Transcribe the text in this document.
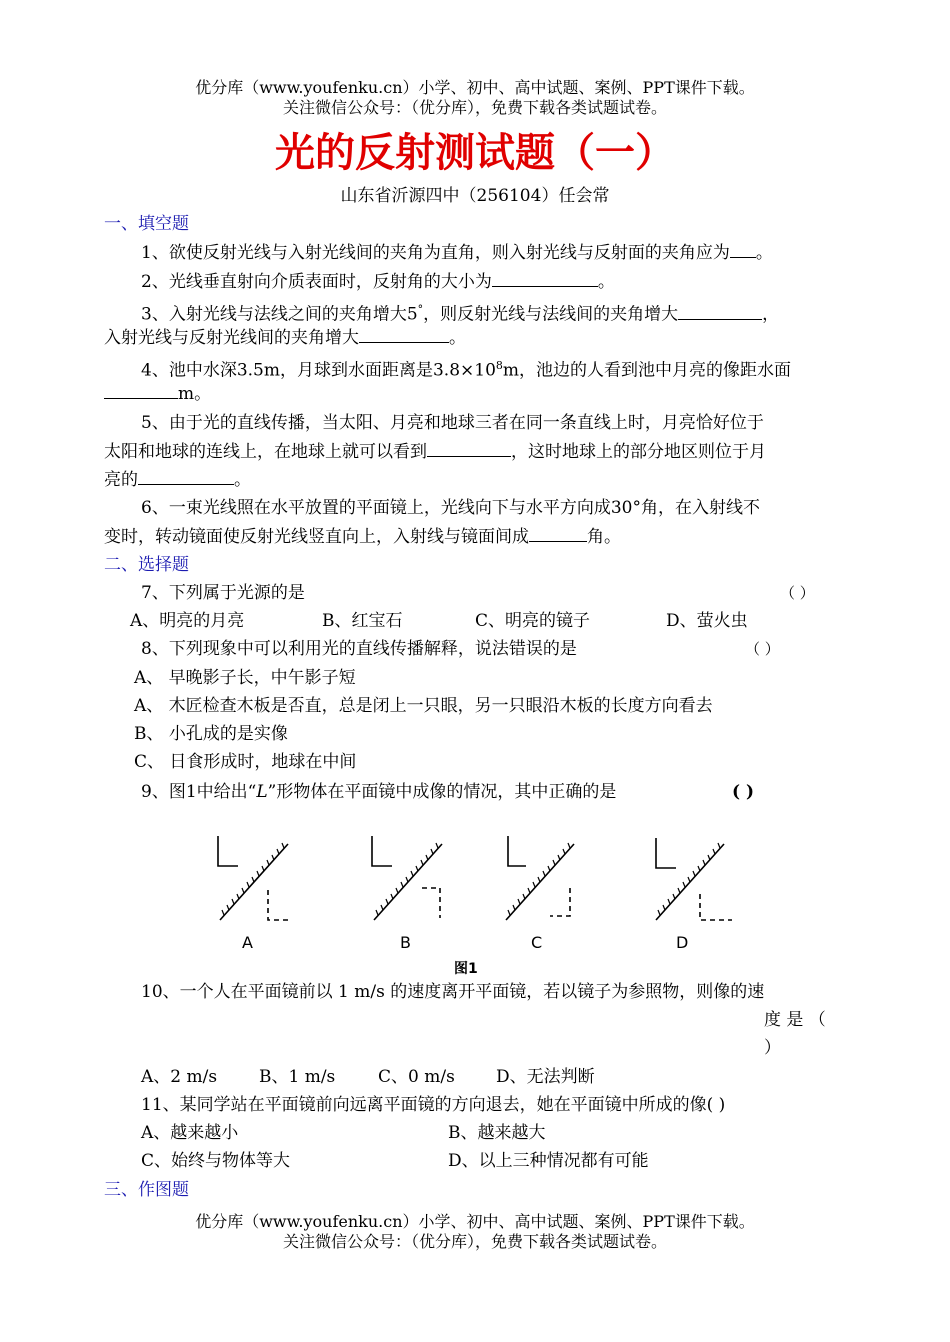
优分库（www.youfenku.cn）小学、初中、高中试题、案例、PPT课件下载。
关注微信公众号：（优分库），免费下载各类试题试卷。
光的反射测试题（一）
山东省沂源四中（256104）任会常
一、填空题
1、欲使反射光线与入射光线间的夹角为直角，则入射光线与反射面的夹角应为 。
2、光线垂直射向介质表面时，反射角的大小为	。
3、入射光线与法线之间的夹角增大5°，则反射光线与法线间的夹角增大	，
入射光线与反射光线间的夹角增大	。
4、池中水深3.5m，月球到水面距离是$3.8\times 10^8m$，池边的人看到池中月亮的像距水面
m。
5、由于光的直线传播，当太阳、月亮和地球三者在同一条直线上时，月亮恰好位于
太阳和地球的连线上，在地球上就可以看到	，这时地球上的部分地区则位于月
亮的	。
6、一束光线照在水平放置的平面镜上，光线向下与水平方向成30°角，在入射线不
变时，转动镜面使反射光线竖直向上，入射线与镜面间成	角。
二、选择题
7、下列属于光源的是	（ ）
A、明亮的月亮	B、红宝石	C、明亮的镜子	D、萤火虫
8、下列现象中可以利用光的直线传播解释，说法错误的是	（ ）
A、 早晚影子长，中午影子短
A、 木匠检查木板是否直，总是闭上一只眼，另一只眼沿木板的长度方向看去
B、 小孔成的是实像
C、 日食形成时，地球在中间
9、图1中给出“L”形物体在平面镜中成像的情况，其中正确的是	( )
A	B	C	D
图1
10、一个人在平面镜前以 1 m/s 的速度离开平面镜，若以镜子为参照物，则像的速
度 是 （
）
A、2 m/s B、1 m/s	C、0 m/s D、无法判断
11、某同学站在平面镜前向远离平面镜的方向退去，她在平面镜中所成的像( )
A、越来越小	B、越来越大
C、始终与物体等大	D、以上三种情况都有可能
三、作图题
优分库（www.youfenku.cn）小学、初中、高中试题、案例、PPT课件下载。
关注微信公众号：（优分库），免费下载各类试题试卷。
